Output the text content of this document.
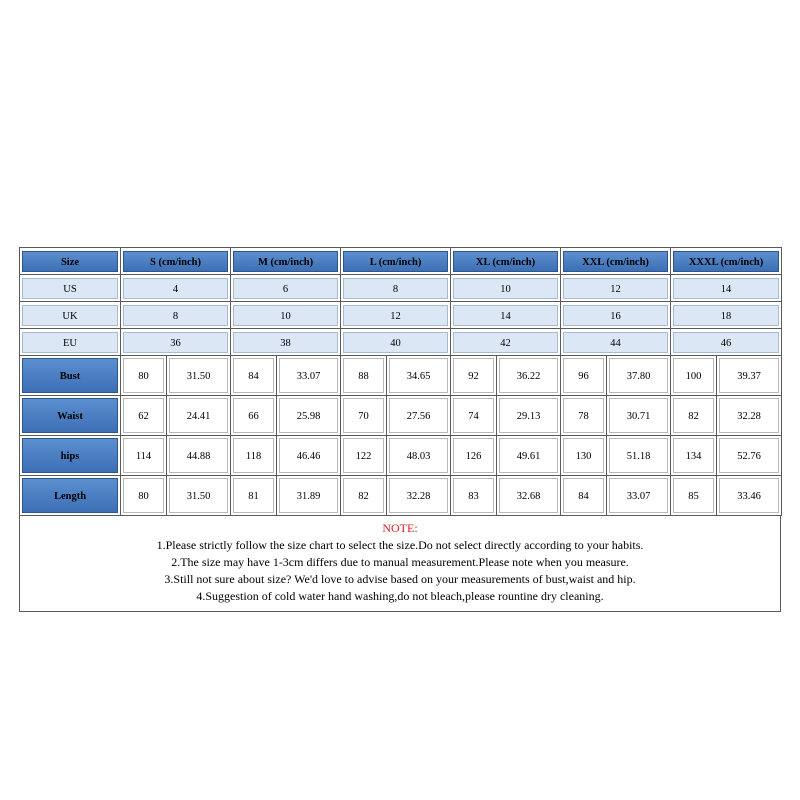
Size	S (cm/inch)		M (cm/inch)		L (cm/inch)		XL (cm/inch)		XXL (cm/inch)		XXXL (cm/inch)	

US	4		6		8		10		12		14	

UK	8		10		12		14		16		18	

EU	36		38		40		42		44		46	

Bust	80	31.50	84	33.07	88	34.65	92	36.22	96	37.80	100	39.37

Waist	62	24.41	66	25.98	70	27.56	74	29.13	78	30.71	82	32.28

hips	114	44.88	118	46.46	122	48.03	126	49.61	130	51.18	134	52.76

Length	80	31.50	81	31.89	82	32.28	83	32.68	84	33.07	85	33.46
NOTE:
1.Please strictly follow the size chart to select the size.Do not select directly according to your habits.
2.The size may have 1-3cm differs due to manual measurement.Please note when you measure.
3.Still not sure about size? We'd love to advise based on your measurements of bust,waist and hip.
4.Suggestion of cold water hand washing,do not bleach,please rountine dry cleaning.
